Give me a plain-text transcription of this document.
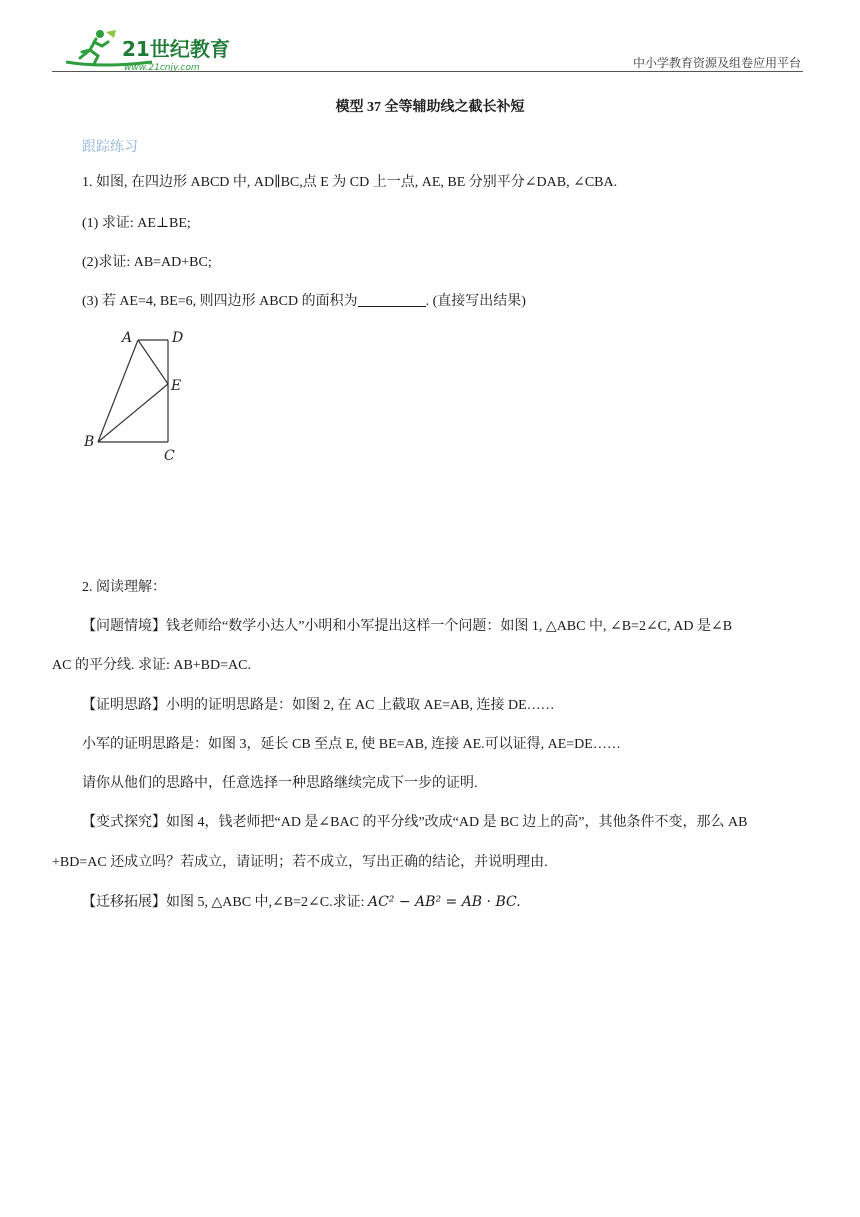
21世纪教育
www.21cnjy.com	中小学教育资源及组卷应用平台
模型 37 全等辅助线之截长补短
跟踪练习
1. 如图, 在四边形 ABCD 中, AD∥BC,点 E 为 CD 上一点, AE, BE 分别平分∠DAB, ∠CBA.
(1) 求证: AE⊥BE;
(2)求证: AB=AD+BC;
(3) 若 AE=4, BE=6, 则四边形 ABCD 的面积为	. (直接写出结果)
A	D
E
B
C
2. 阅读理解：
【问题情境】钱老师给“数学小达人”小明和小军提出这样一个问题：如图 1, △ABC 中, ∠B=2∠C, AD 是∠B
AC 的平分线. 求证: AB+BD=AC.
【证明思路】小明的证明思路是：如图 2, 在 AC 上截取 AE=AB, 连接 DE……
小军的证明思路是：如图 3，延长 CB 至点 E, 使 BE=AB, 连接 AE.可以证得, AE=DE……
请你从他们的思路中，任意选择一种思路继续完成下一步的证明.
【变式探究】如图 4，钱老师把“AD 是∠BAC 的平分线”改成“AD 是 BC 边上的高”，其他条件不变，那么 AB
+BD=AC 还成立吗？若成立，请证明；若不成立，写出正确的结论，并说明理由.
【迁移拓展】如图 5, △ABC 中,∠B=2∠C.求证: AC² − AB² = AB · BC.
